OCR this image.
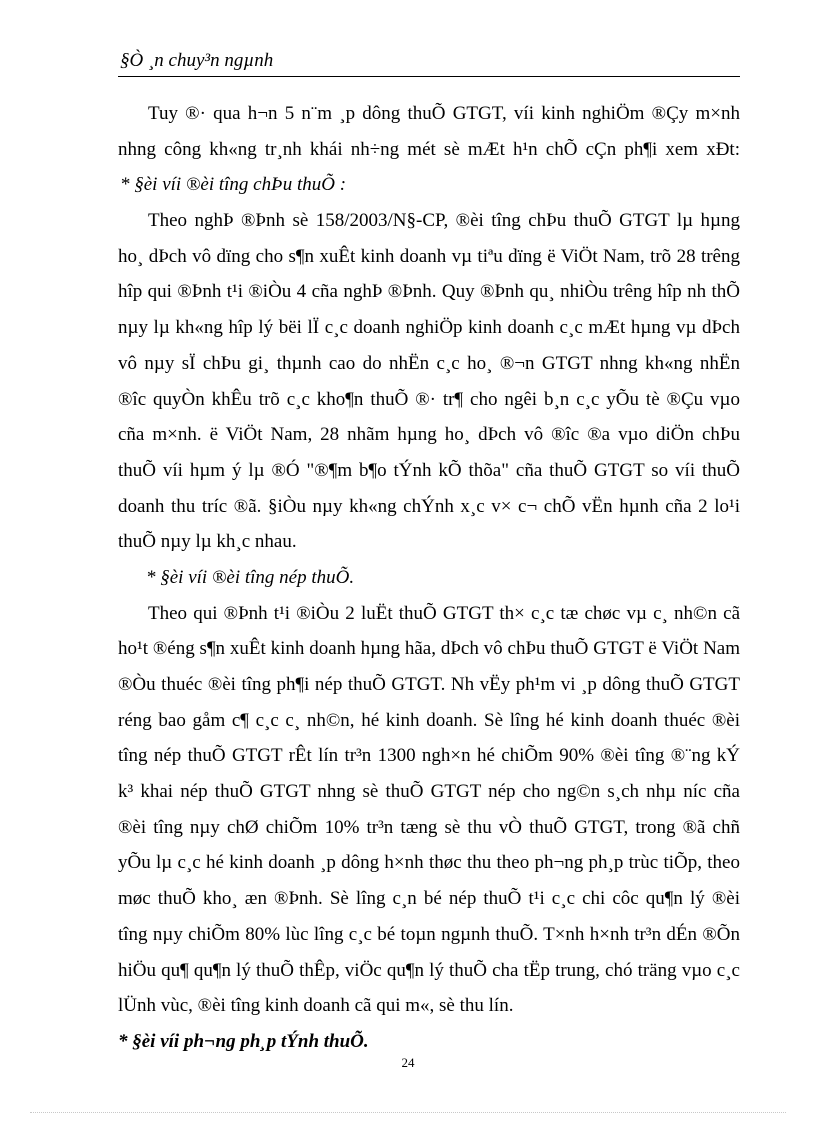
§Ò ¸n chuy³n ngµnh
Tuy ®· qua h¬n 5 n¨m ¸p dông thuÕ GTGT, víi kinh nghiÖm ®Çy m×nh
nhng công kh«ng tr¸nh khái nh÷ng mét sè mÆt h¹n chÕ cÇn ph¶i xem xÐt:
* §èi víi ®èi tîng chÞu thuÕ :
Theo nghÞ ®Þnh sè 158/2003/N§-CP, ®èi tîng chÞu thuÕ GTGT lµ hµng
ho¸ dÞch vô dïng cho s¶n xuÊt kinh doanh vµ tiªu dïng ë ViÖt Nam, trõ 28 trêng
hîp qui ®Þnh t¹i ®iÒu 4 cña nghÞ ®Þnh. Quy ®Þnh qu¸ nhiÒu trêng hîp nh thÕ
nµy lµ kh«ng hîp lý bëi lÏ c¸c doanh nghiÖp kinh doanh c¸c mÆt hµng vµ dÞch
vô nµy sÏ chÞu gi¸ thµnh cao do nhËn c¸c ho¸ ®¬n GTGT nhng kh«ng nhËn
®îc quyÒn khÊu trõ c¸c kho¶n thuÕ ®· tr¶ cho ngêi b¸n c¸c yÕu tè ®Çu vµo
cña m×nh. ë ViÖt Nam, 28 nhãm hµng ho¸ dÞch vô ®îc ®a vµo diÖn chÞu
thuÕ víi hµm ý lµ ®Ó "®¶m b¶o tÝnh kÕ thõa" cña thuÕ GTGT so víi thuÕ
doanh thu tríc ®ã. §iÒu nµy kh«ng chÝnh x¸c v× c¬ chÕ vËn hµnh cña 2 lo¹i
thuÕ nµy lµ kh¸c nhau.
* §èi víi ®èi tîng nép thuÕ.
Theo qui ®Þnh t¹i ®iÒu 2 luËt thuÕ GTGT th× c¸c tæ chøc vµ c¸ nh©n cã
ho¹t ®éng s¶n xuÊt kinh doanh hµng hãa, dÞch vô chÞu thuÕ GTGT ë ViÖt Nam
®Òu thuéc ®èi tîng ph¶i nép thuÕ GTGT. Nh vËy ph¹m vi ¸p dông thuÕ GTGT
réng bao gåm c¶ c¸c c¸ nh©n, hé kinh doanh. Sè lîng hé kinh doanh thuéc ®èi
tîng nép thuÕ GTGT rÊt lín tr³n 1300 ngh×n hé chiÕm 90% ®èi tîng ®¨ng kÝ
k³ khai nép thuÕ GTGT nhng sè thuÕ GTGT nép cho ng©n s¸ch nhµ níc cña
®èi tîng nµy chØ chiÕm 10% tr³n tæng sè thu vÒ thuÕ GTGT, trong ®ã chñ
yÕu lµ c¸c hé kinh doanh ¸p dông h×nh thøc thu theo ph¬ng ph¸p trùc tiÕp, theo
møc thuÕ kho¸ æn ®Þnh. Sè lîng c¸n bé nép thuÕ t¹i c¸c chi côc qu¶n lý ®èi
tîng nµy chiÕm 80% lùc lîng c¸c bé toµn ngµnh thuÕ. T×nh h×nh tr³n dÉn ®Õn
hiÖu qu¶ qu¶n lý thuÕ thÊp, viÖc qu¶n lý thuÕ cha tËp trung, chó träng vµo c¸c
lÜnh vùc, ®èi tîng kinh doanh cã qui m«, sè thu lín.
* §èi víi ph¬ng ph¸p tÝnh thuÕ.
24
